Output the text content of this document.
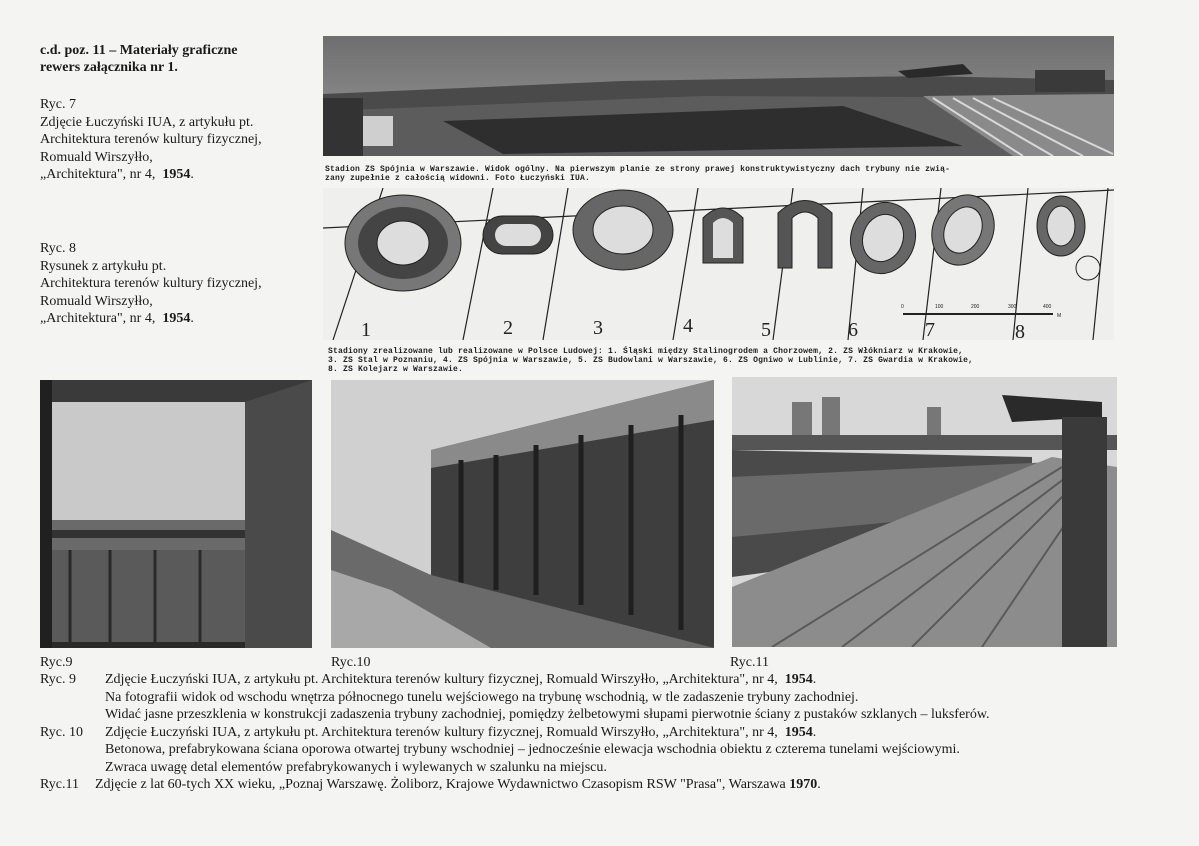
c.d. poz. 11 – Materiały graficzne
rewers załącznika nr 1.
Ryc. 7
Zdjęcie Łuczyński IUA, z artykułu pt.
Architektura terenów kultury fizycznej,
Romuald Wirszyłło,
„Architektura", nr 4, 1954.
Ryc. 8
Rysunek z artykułu pt.
Architektura terenów kultury fizycznej,
Romuald Wirszyłło,
„Architektura", nr 4, 1954.
Stadion ZS Spójnia w Warszawie. Widok ogólny. Na pierwszym planie ze strony prawej konstruktywistyczny dach trybuny nie zwią-
zany zupełnie z całością widowni. Foto Łuczyński IUA.
1	2	3	4	5	6	7	8
0	100	200	300	400
M
Stadiony zrealizowane lub realizowane w Polsce Ludowej: 1. Śląski między Stalinogrodem a Chorzowem, 2. ZS Włókniarz w Krakowie,
3. ZS Stal w Poznaniu, 4. ZS Spójnia w Warszawie, 5. ZS Budowlani w Warszawie, 6. ZS Ogniwo w Lublinie, 7. ZS Gwardia w Krakowie,
8. ZS Kolejarz w Warszawie.
Ryc.9	Ryc.10	Ryc.11
Ryc. 9 Zdjęcie Łuczyński IUA, z artykułu pt. Architektura terenów kultury fizycznej, Romuald Wirszyłło, „Architektura", nr 4, 1954.
Na fotografii widok od wschodu wnętrza północnego tunelu wejściowego na trybunę wschodnią, w tle zadaszenie trybuny zachodniej.
Widać jasne przeszklenia w konstrukcji zadaszenia trybuny zachodniej, pomiędzy żelbetowymi słupami pierwotnie ściany z pustaków szklanych – luksferów.
Ryc. 10 Zdjęcie Łuczyński IUA, z artykułu pt. Architektura terenów kultury fizycznej, Romuald Wirszyłło, „Architektura", nr 4, 1954.
Betonowa, prefabrykowana ściana oporowa otwartej trybuny wschodniej – jednocześnie elewacja wschodnia obiektu z czterema tunelami wejściowymi.
Zwraca uwagę detal elementów prefabrykowanych i wylewanych w szalunku na miejscu.
Ryc.11 Zdjęcie z lat 60-tych XX wieku, „Poznaj Warszawę. Żoliborz, Krajowe Wydawnictwo Czasopism RSW "Prasa", Warszawa 1970.
